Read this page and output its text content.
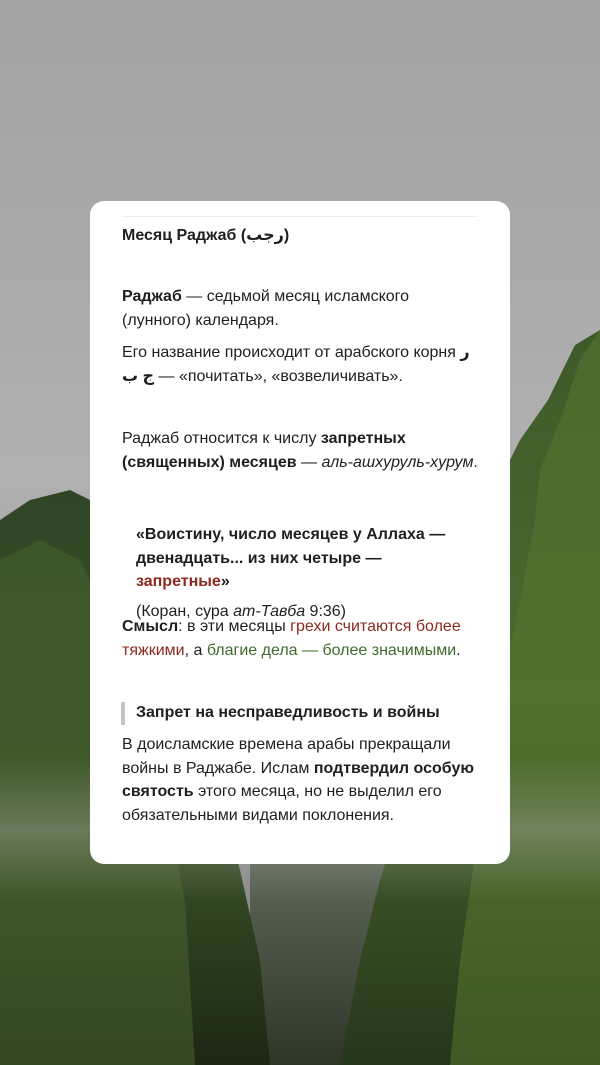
Месяц Раджаб (رجب)

Раджаб — седьмой месяц исламского (лунного) календаря.

Его название происходит от арабского корня ر ج ب — «почитать», «возвеличивать».

Раджаб относится к числу запретных (священных) месяцев — аль-ашхуруль-хурум.

«Воистину, число месяцев у Аллаха — двенадцать... из них четыре — запретные»

(Коран, сура ат-Тавба 9:36)

Смысл: в эти месяцы грехи считаются более тяжкими, а благие дела — более значимыми.

Запрет на несправедливость и войны

В доисламские времена арабы прекращали войны в Раджабе. Ислам подтвердил особую святость этого месяца, но не выделил его обязательными видами поклонения.
